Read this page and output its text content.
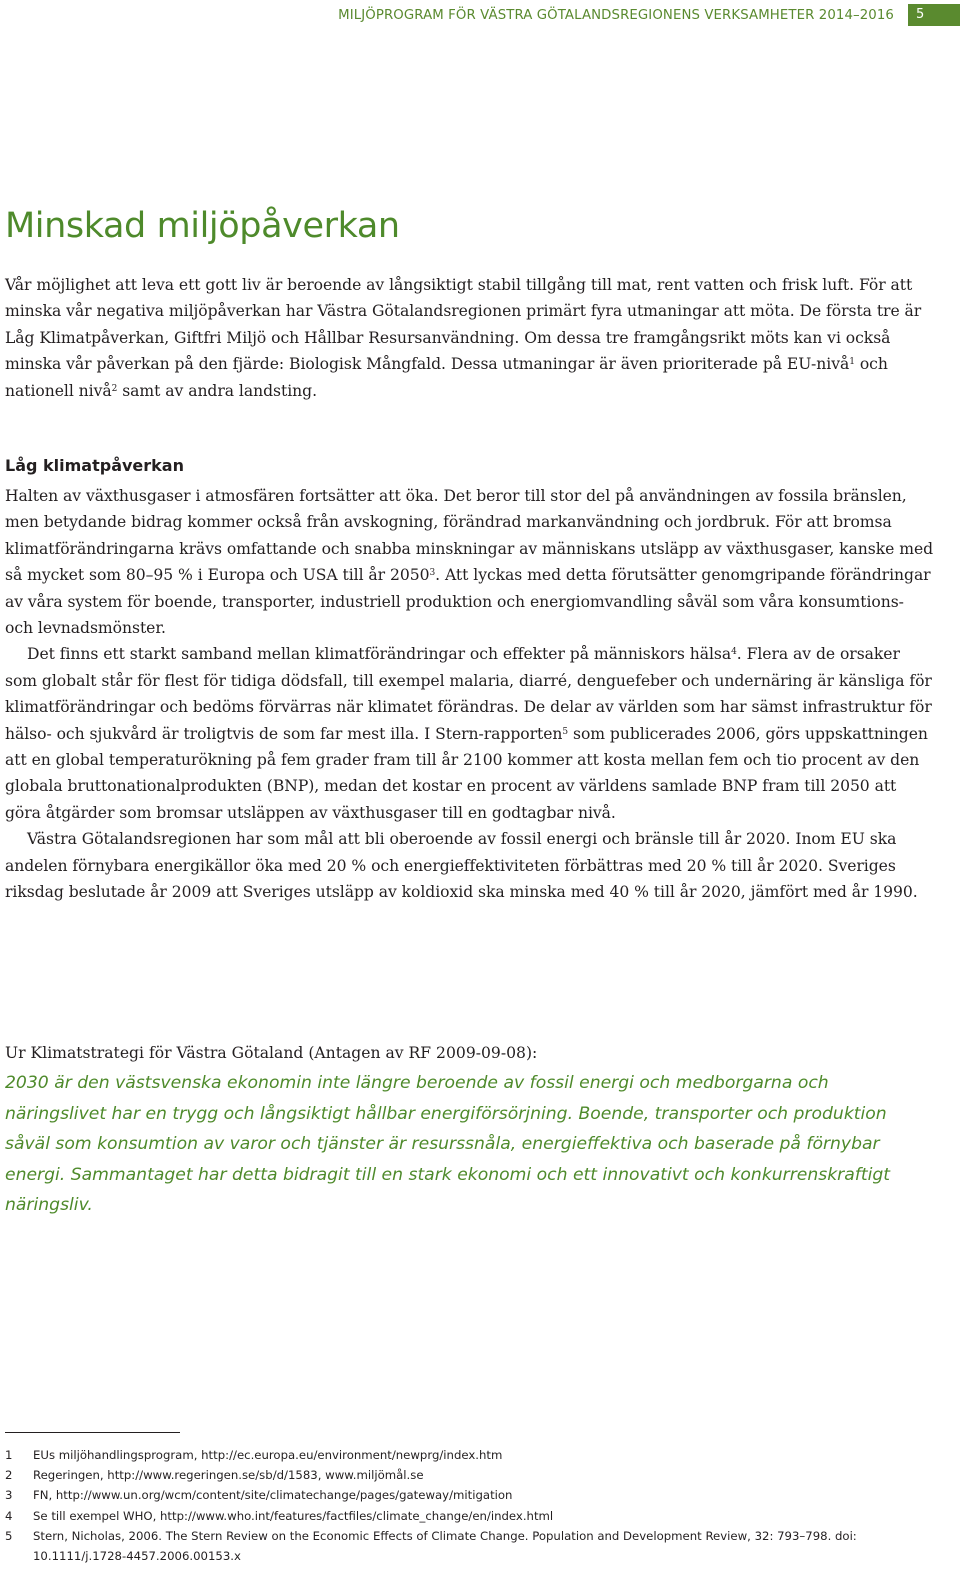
MILJÖPROGRAM FÖR VÄSTRA GÖTALANDSREGIONENS VERKSAMHETER 2014–2016	5
Minskad miljöpåverkan

Vår möjlighet att leva ett gott liv är beroende av långsiktigt stabil tillgång till mat, rent vatten och frisk luft. För att minska vår negativa miljöpåverkan har Västra Götalandsregionen primärt fyra utmaningar att möta. De första tre är Låg Klimatpåverkan, Giftfri Miljö och Hållbar Resursanvändning. Om dessa tre framgångsrikt möts kan vi också minska vår påverkan på den fjärde: Biologisk Mångfald. Dessa utmaningar är även prioriterade på EU-nivå$^1$ och nationell nivå$^2$ samt av andra landsting.

Låg klimatpåverkan

Halten av växthusgaser i atmosfären fortsätter att öka. Det beror till stor del på användningen av fossila bränslen, men betydande bidrag kommer också från avskogning, förändrad markanvändning och jordbruk. För att bromsa klimatförändringarna krävs omfattande och snabba minskningar av människans utsläpp av växthusgaser, kanske med så mycket som 80–95 % i Europa och USA till år 2050$^3$. Att lyckas med detta förutsätter genomgripande förändringar av våra system för boende, transporter, industriell produktion och energiomvandling såväl som våra konsumtions- och levnadsmönster.

Det finns ett starkt samband mellan klimatförändringar och effekter på människors hälsa$^4$. Flera av de orsaker som globalt står för flest för tidiga dödsfall, till exempel malaria, diarré, denguefeber och undernäring är känsliga för klimatförändringar och bedöms förvärras när klimatet förändras. De delar av världen som har sämst infrastruktur för hälso- och sjukvård är troligtvis de som far mest illa. I Stern-rapporten$^5$ som publicerades 2006, görs uppskattningen att en global temperaturökning på fem grader fram till år 2100 kommer att kosta mellan fem och tio procent av den globala bruttonationalprodukten (BNP), medan det kostar en procent av världens samlade BNP fram till 2050 att göra åtgärder som bromsar utsläppen av växthusgaser till en godtagbar nivå.

Västra Götalandsregionen har som mål att bli oberoende av fossil energi och bränsle till år 2020. Inom EU ska andelen förnybara energikällor öka med 20 % och energieffektiviteten förbättras med 20 % till år 2020. Sveriges riksdag beslutade år 2009 att Sveriges utsläpp av koldioxid ska minska med 40 % till år 2020, jämfört med år 1990.

Ur Klimatstrategi för Västra Götaland (Antagen av RF 2009-09-08):
2030 är den västsvenska ekonomin inte längre beroende av fossil energi och medborgarna och näringslivet har en trygg och långsiktigt hållbar energiförsörjning. Boende, transporter och produktion såväl som konsumtion av varor och tjänster är resurssnåla, energieffektiva och baserade på förnybar energi. Sammantaget har detta bidragit till en stark ekonomi och ett innovativt och konkurrenskraftigt näringsliv.
1	EUs miljöhandlingsprogram, http://ec.europa.eu/environment/newprg/index.htm
2	Regeringen, http://www.regeringen.se/sb/d/1583, www.miljömål.se
3	FN, http://www.un.org/wcm/content/site/climatechange/pages/gateway/mitigation
4	Se till exempel WHO, http://www.who.int/features/factfiles/climate_change/en/index.html
5	Stern, Nicholas, 2006. The Stern Review on the Economic Effects of Climate Change. Population and Development Review, 32: 793–798. doi: 10.1111/j.1728-4457.2006.00153.x
